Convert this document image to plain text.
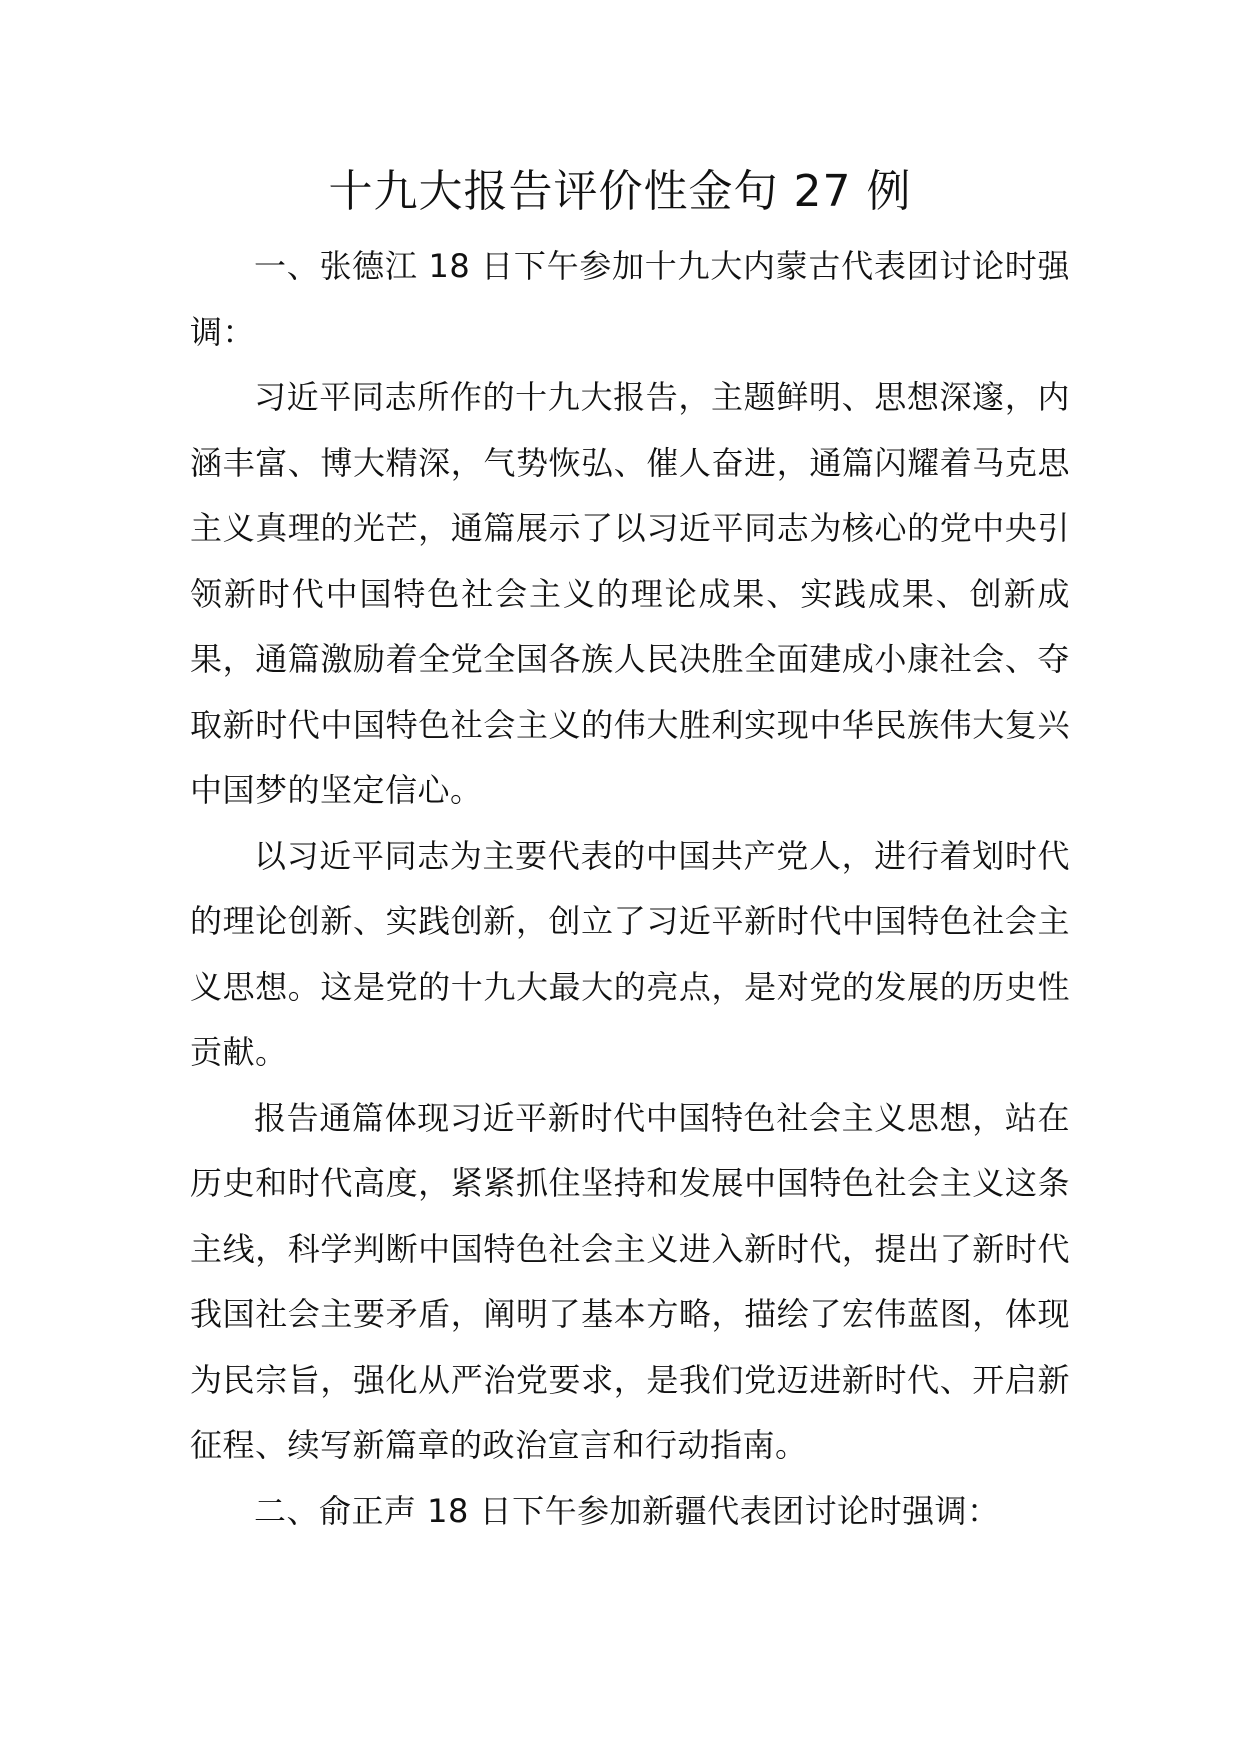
十九大报告评价性金句 27 例

一、张德江 18 日下午参加十九大内蒙古代表团讨论时强调：

习近平同志所作的十九大报告，主题鲜明、思想深邃，内涵丰富、博大精深，气势恢弘、催人奋进，通篇闪耀着马克思主义真理的光芒，通篇展示了以习近平同志为核心的党中央引领新时代中国特色社会主义的理论成果、实践成果、创新成果，通篇激励着全党全国各族人民决胜全面建成小康社会、夺取新时代中国特色社会主义的伟大胜利实现中华民族伟大复兴中国梦的坚定信心。

以习近平同志为主要代表的中国共产党人，进行着划时代的理论创新、实践创新，创立了习近平新时代中国特色社会主义思想。这是党的十九大最大的亮点，是对党的发展的历史性贡献。

报告通篇体现习近平新时代中国特色社会主义思想，站在历史和时代高度，紧紧抓住坚持和发展中国特色社会主义这条主线，科学判断中国特色社会主义进入新时代，提出了新时代我国社会主要矛盾，阐明了基本方略，描绘了宏伟蓝图，体现为民宗旨，强化从严治党要求，是我们党迈进新时代、开启新征程、续写新篇章的政治宣言和行动指南。

二、俞正声 18 日下午参加新疆代表团讨论时强调：
